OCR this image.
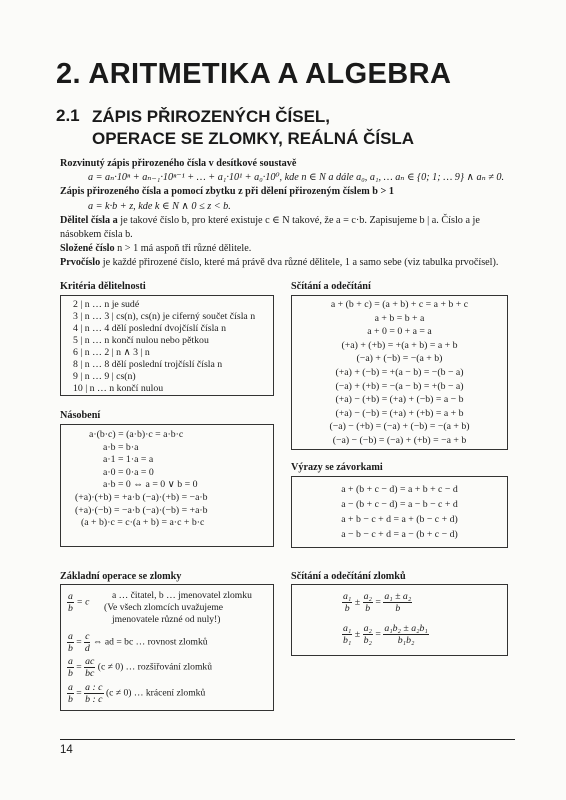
2. ARITMETIKA A ALGEBRA
2.1 ZÁPIS PŘIROZENÝCH ČÍSEL,
OPERACE SE ZLOMKY, REÁLNÁ ČÍSLA

Rozvinutý zápis přirozeného čísla v desítkové soustavě

a = aₙ·10ⁿ + aₙ₋₁·10ⁿ⁻¹ + … + a₁·10¹ + a₀·10⁰, kde n ∈ N a dále a₀, a₁, … aₙ ∈ {0; 1; … 9} ∧ aₙ ≠ 0.

Zápis přirozeného čísla a pomocí zbytku z při dělení přirozeným číslem b > 1

a = k·b + z, kde k ∈ N ∧ 0 ≤ z < b.

Dělitel čísla a je takové číslo b, pro které existuje c ∈ N takové, že a = c·b. Zapisujeme b | a. Číslo a je násobkem čísla b.

Složené číslo n > 1 má aspoň tři různé dělitele.

Prvočíslo je každé přirozené číslo, které má právě dva různé dělitele, 1 a samo sebe (viz tabulka prvočísel).

Kritéria dělitelnosti
2 | n … n je sudé
3 | n … 3 | cs(n), cs(n) je ciferný součet čísla n
4 | n … 4 dělí poslední dvojčíslí čísla n
5 | n … n končí nulou nebo pětkou
6 | n … 2 | n ∧ 3 | n
8 | n … 8 dělí poslední trojčíslí čísla n
9 | n … 9 | cs(n)
10 | n … n končí nulou
Násobení
a·(b·c) = (a·b)·c = a·b·c
a·b = b·a
a·1 = 1·a = a
a·0 = 0·a = 0
a·b = 0 ⇔ a = 0 ∨ b = 0
(+a)·(+b) = +a·b (−a)·(+b) = −a·b
(+a)·(−b) = −a·b (−a)·(−b) = +a·b
(a + b)·c = c·(a + b) = a·c + b·c
Sčítání a odečítání
a + (b + c) = (a + b) + c = a + b + c
a + b = b + a
a + 0 = 0 + a = a
(+a) + (+b) = +(a + b) = a + b
(−a) + (−b) = −(a + b)
(+a) + (−b) = +(a − b) = −(b − a)
(−a) + (+b) = −(a − b) = +(b − a)
(+a) − (+b) = (+a) + (−b) = a − b
(+a) − (−b) = (+a) + (+b) = a + b
(−a) − (+b) = (−a) + (−b) = −(a + b)
(−a) − (−b) = (−a) + (+b) = −a + b
Výrazy se závorkami
a + (b + c − d) = a + b + c − d
a − (b + c − d) = a − b − c + d
a + b − c + d = a + (b − c + d)
a − b − c + d = a − (b + c − d)
Základní operace se zlomky
$\frac{a}{b} = c$
a … čitatel, b … jmenovatel zlomku
(Ve všech zlomcích uvažujeme
jmenovatele různé od nuly!)
$\frac{a}{b} = \frac{c}{d}$ ⇔ ad = bc … rovnost zlomků
$\frac{a}{b} = \frac{ac}{bc} (c \ne 0)$ … rozšiřování zlomků
$\frac{a}{b} = \frac{a : c}{b : c} (c \ne 0)$ … krácení zlomků
Sčítání a odečítání zlomků
$\frac{\text{a₁}}{b} \pm \frac{\text{a₂}}{b} = \frac{\text{a₁ ± a₂}}{b}$
$\frac{\text{a₁}}{\text{b₁}} \pm \frac{\text{a₂}}{\text{b₂}} = \frac{\text{a₁b₂ ± a₂b₁}}{\text{b₁b₂}}$
14
